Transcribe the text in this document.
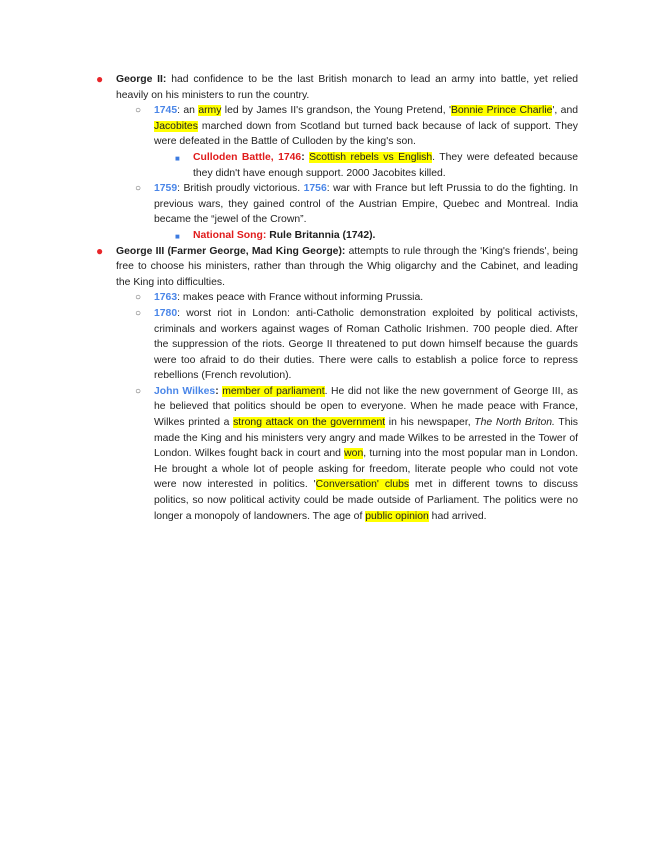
● George II: had confidence to be the last British monarch to lead an army into battle, yet relied heavily on his ministers to run the country.
○ 1745: an army led by James II's grandson, the Young Pretend, 'Bonnie Prince Charlie', and Jacobites marched down from Scotland but turned back because of lack of support. They were defeated in the Battle of Culloden by the king's son.
■ Culloden Battle, 1746: Scottish rebels vs English. They were defeated because they didn't have enough support. 2000 Jacobites killed.
○ 1759: British proudly victorious. 1756: war with France but left Prussia to do the fighting. In previous wars, they gained control of the Austrian Empire, Quebec and Montreal. India became the “jewel of the Crown”.
■ National Song: Rule Britannia (1742).
● George III (Farmer George, Mad King George): attempts to rule through the 'King's friends', being free to choose his ministers, rather than through the Whig oligarchy and the Cabinet, and leading the King into difficulties.
○ 1763: makes peace with France without informing Prussia.
○ 1780: worst riot in London: anti-Catholic demonstration exploited by political activists, criminals and workers against wages of Roman Catholic Irishmen. 700 people died. After the suppression of the riots. George II threatened to put down himself because the guards were too afraid to do their duties. There were calls to establish a police force to repress rebellions (French revolution).
○ John Wilkes: member of parliament. He did not like the new government of George III, as he believed that politics should be open to everyone. When he made peace with France, Wilkes printed a strong attack on the government in his newspaper, The North Briton. This made the King and his ministers very angry and made Wilkes to be arrested in the Tower of London. Wilkes fought back in court and won, turning into the most popular man in London. He brought a whole lot of people asking for freedom, literate people who could not vote were now interested in politics. 'Conversation' clubs met in different towns to discuss politics, so now political activity could be made outside of Parliament. The politics were no longer a monopoly of landowners. The age of public opinion had arrived.
